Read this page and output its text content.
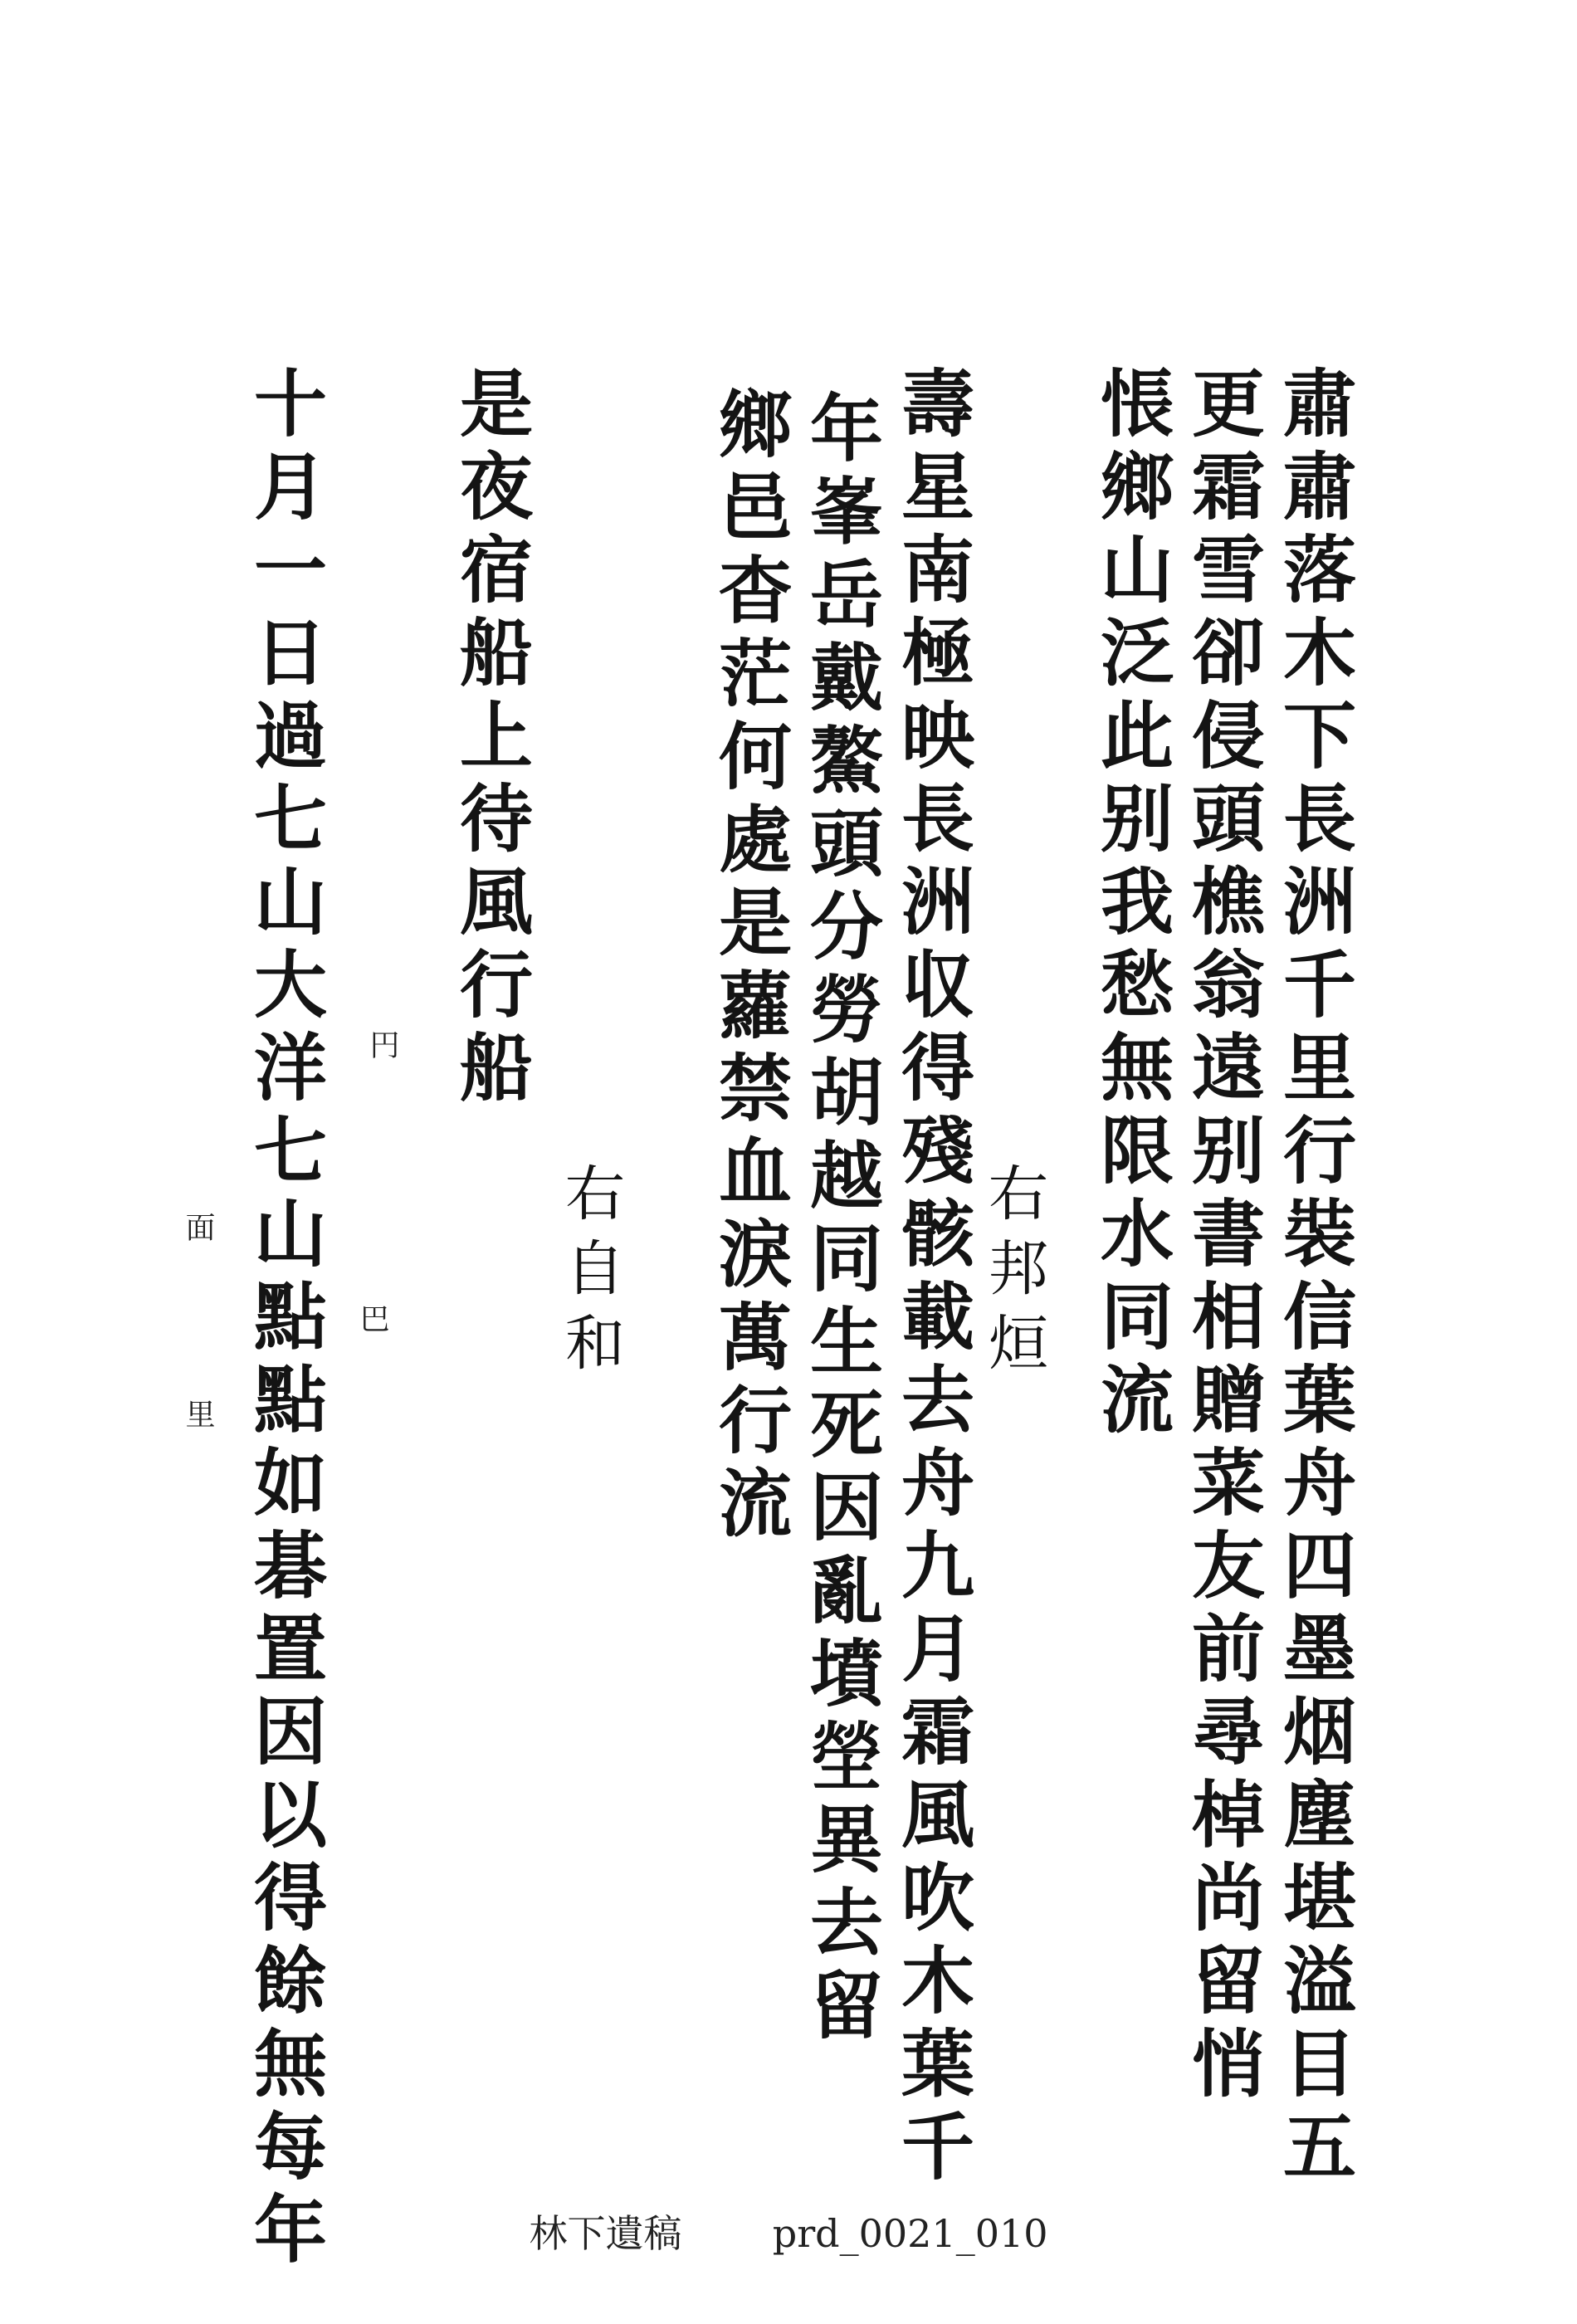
肅肅落木下長洲千里行裝信葉舟四墨烟塵堪溢目五
更霜雪卻侵頭樵翁遠别書相贈菜友前尋棹尚留悄
悵鄉山泛此别我愁無限水同流
右邦烜
壽星南極映長洲収得殘骸載去舟九月霜風吹木葉千
年峯岳戴鰲頭分勞胡越同生死因亂墳塋異去留
鄉邑杳茫何處是蘿禁血淚萬行流
右自和
是夜宿船上待風行船
十月一日過七山大洋七山點點如碁置因以得餘無每年 円
面
巴
里
林下遺稿 prd_0021_010
